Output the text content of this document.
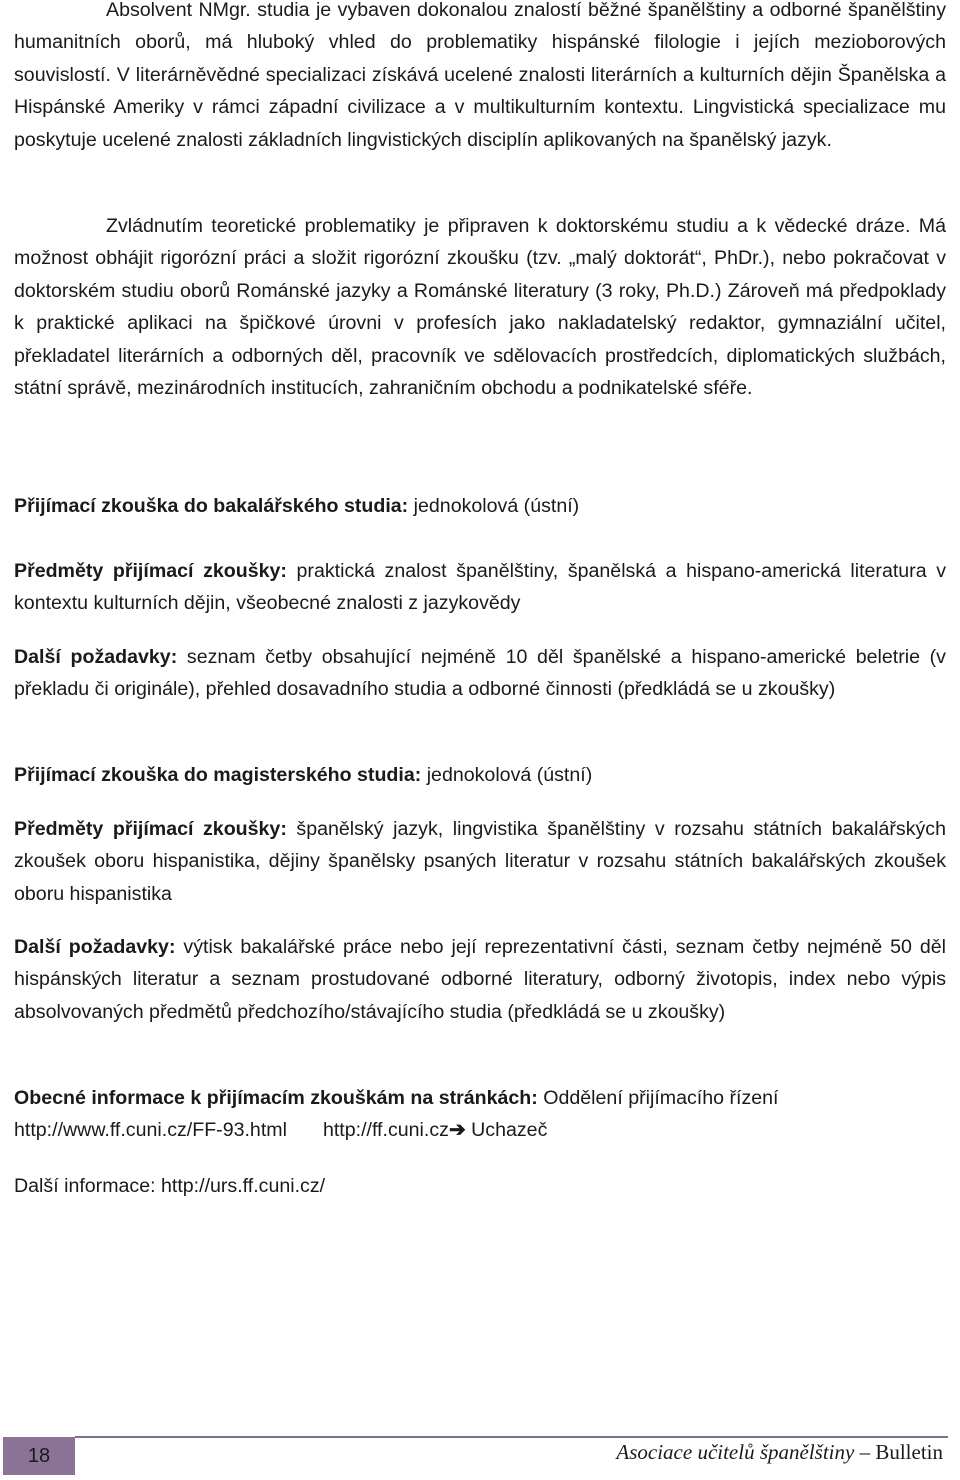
Absolvent NMgr. studia je vybaven dokonalou znalostí běžné španělštiny a odborné španělštiny humanitních oborů, má hluboký vhled do problematiky hispánské filologie i jejích mezioborových souvislostí. V literárněvědné specializaci získává ucelené znalosti literárních a kulturních dějin Španělska a Hispánské Ameriky v rámci západní civilizace a v multikulturním kontextu. Lingvistická specializace mu poskytuje ucelené znalosti základních lingvistických disciplín aplikovaných na španělský jazyk.

Zvládnutím teoretické problematiky je připraven k doktorskému studiu a k vědecké dráze. Má možnost obhájit rigorózní práci a složit rigorózní zkoušku (tzv. „malý doktorát“, PhDr.), nebo pokračovat v doktorském studiu oborů Románské jazyky a Románské literatury (3 roky, Ph.D.) Zároveň má předpoklady k praktické aplikaci na špičkové úrovni v profesích jako nakladatelský redaktor, gymnaziální učitel, překladatel literárních a odborných děl, pracovník ve sdělovacích prostředcích, diplomatických službách, státní správě, mezinárodních institucích, zahraničním obchodu a podnikatelské sféře.

Přijímací zkouška do bakalářského studia: jednokolová (ústní)

Předměty přijímací zkoušky: praktická znalost španělštiny, španělská a hispano-americká literatura v kontextu kulturních dějin, všeobecné znalosti z jazykovědy

Další požadavky: seznam četby obsahující nejméně 10 děl španělské a hispano-americké beletrie (v překladu či originále), přehled dosavadního studia a odborné činnosti (předkládá se u zkoušky)

Přijímací zkouška do magisterského studia: jednokolová (ústní)

Předměty přijímací zkoušky: španělský jazyk, lingvistika španělštiny v rozsahu státních bakalářských zkoušek oboru hispanistika, dějiny španělsky psaných literatur v rozsahu státních bakalářských zkoušek oboru hispanistika

Další požadavky: výtisk bakalářské práce nebo její reprezentativní části, seznam četby nejméně 50 děl hispánských literatur a seznam prostudované odborné literatury, odborný životopis, index nebo výpis absolvovaných předmětů předchozího/stávajícího studia (předkládá se u zkoušky)

Obecné informace k přijímacím zkouškám na stránkách: Oddělení přijímacího řízení

http://www.ff.cuni.cz/FF-93.html http://ff.cuni.cz➔ Uchazeč

Další informace: http://urs.ff.cuni.cz/

18	Asociace učitelů španělštiny – Bulletin
